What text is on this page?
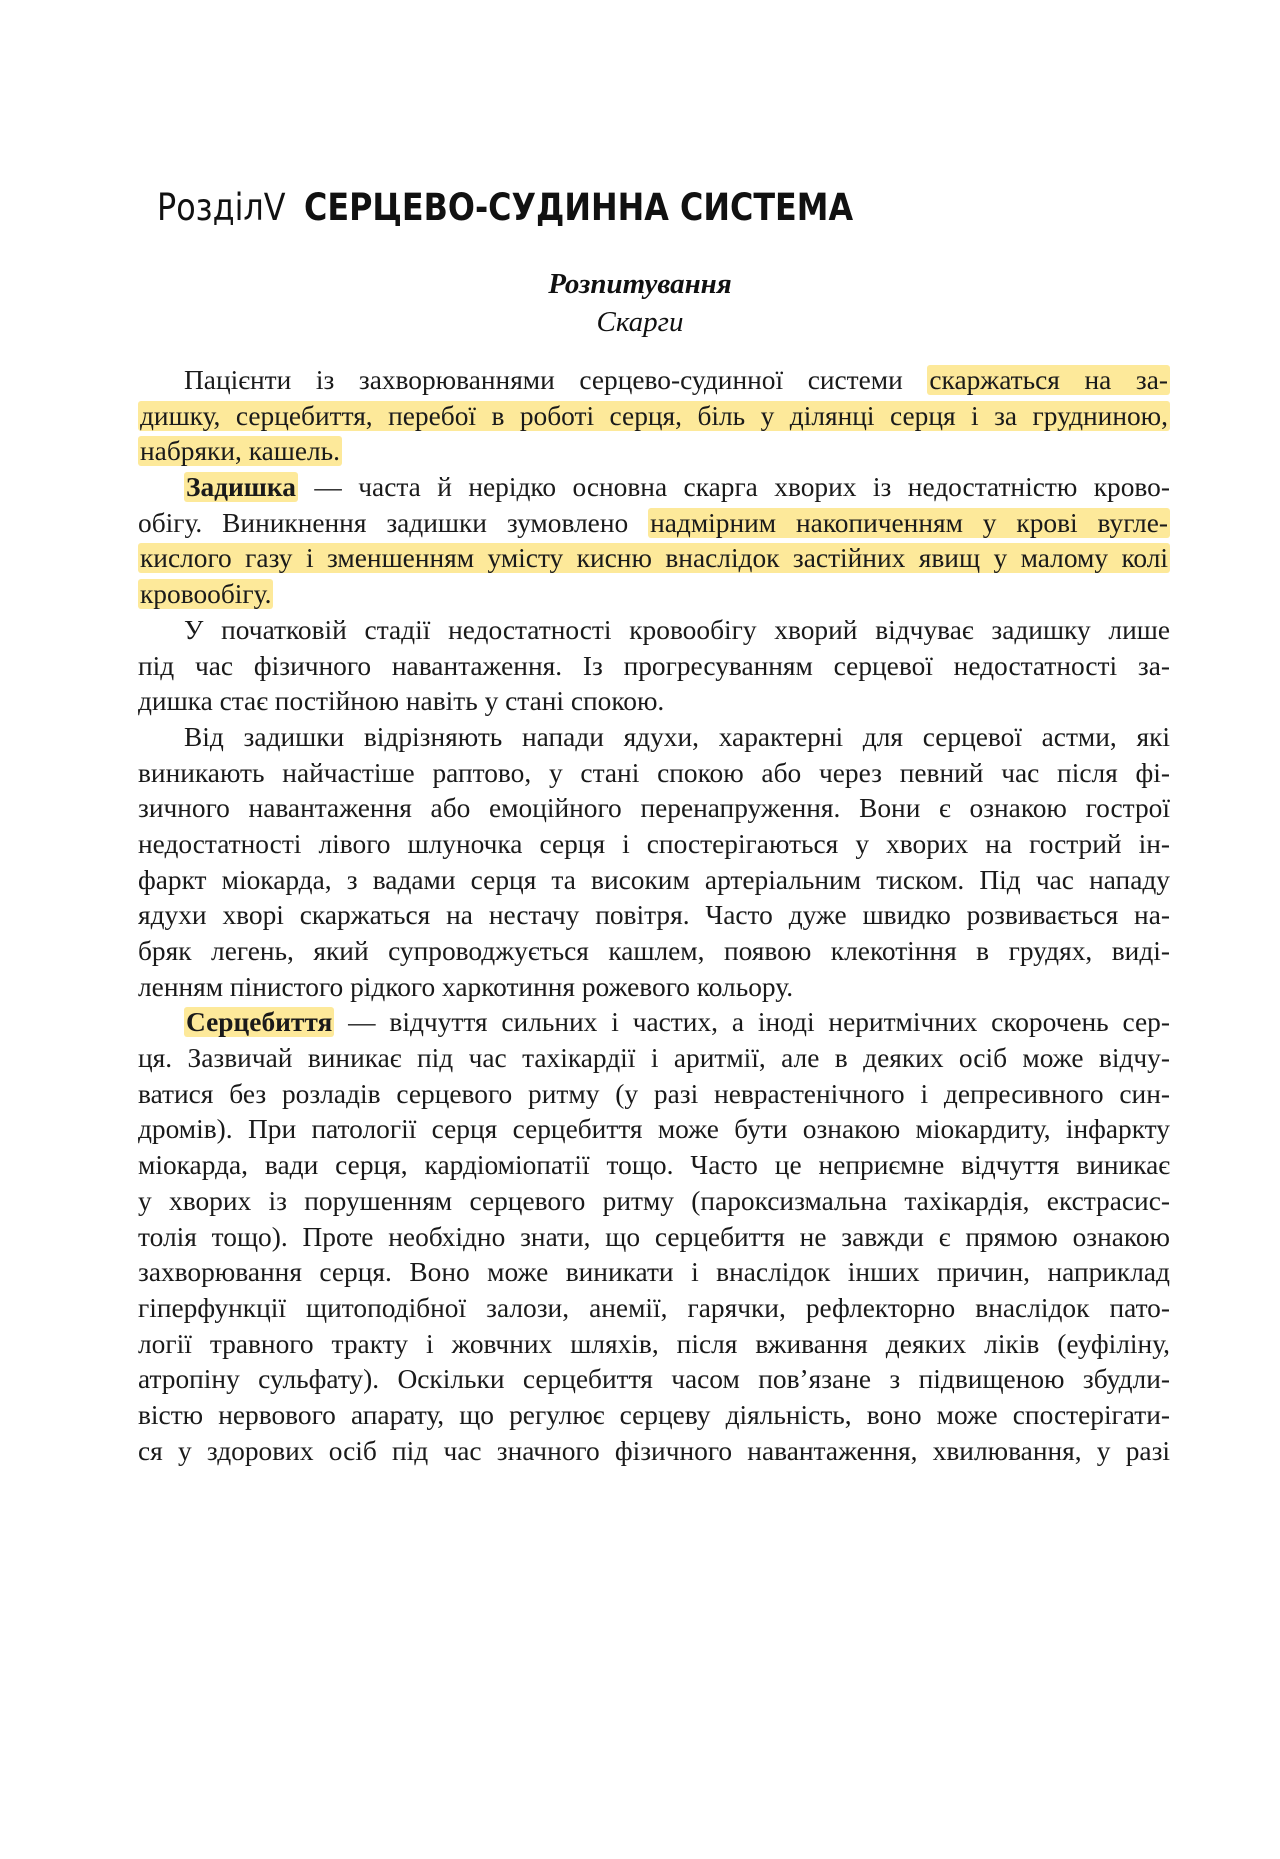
РозділV СЕРЦЕВО-СУДИННА СИСТЕМА
Розпитування
Скарги
Пацієнти із захворюваннями серцево-судинної системи скаржаться на за-
дишку, серцебиття, перебої в роботі серця, біль у ділянці серця і за грудниною,
набряки, кашель.
Задишка — часта й нерідко основна скарга хворих із недостатністю крово-
обігу. Виникнення задишки зумовлено надмірним накопиченням у крові вугле-
кислого газу і зменшенням умісту кисню внаслідок застійних явищ у малому колі
кровообігу.
У початковій стадії недостатності кровообігу хворий відчуває задишку лише
під час фізичного навантаження. Із прогресуванням серцевої недостатності за-
дишка стає постійною навіть у стані спокою.
Від задишки відрізняють напади ядухи, характерні для серцевої астми, які
виникають найчастіше раптово, у стані спокою або через певний час після фі-
зичного навантаження або емоційного перенапруження. Вони є ознакою гострої
недостатності лівого шлуночка серця і спостерігаються у хворих на гострий ін-
фаркт міокарда, з вадами серця та високим артеріальним тиском. Під час нападу
ядухи хворі скаржаться на нестачу повітря. Часто дуже швидко розвивається на-
бряк легень, який супроводжується кашлем, появою клекотіння в грудях, виді-
ленням пінистого рідкого харкотиння рожевого кольору.
Серцебиття — відчуття сильних і частих, а іноді неритмічних скорочень сер-
ця. Зазвичай виникає під час тахікардії і аритмії, але в деяких осіб може відчу-
ватися без розладів серцевого ритму (у разі неврастенічного і депресивного син-
дромів). При патології серця серцебиття може бути ознакою міокардиту, інфаркту
міокарда, вади серця, кардіоміопатії тощо. Часто це неприємне відчуття виникає
у хворих із порушенням серцевого ритму (пароксизмальна тахікардія, екстрасис-
толія тощо). Проте необхідно знати, що серцебиття не завжди є прямою ознакою
захворювання серця. Воно може виникати і внаслідок інших причин, наприклад
гіперфункції щитоподібної залози, анемії, гарячки, рефлекторно внаслідок пато-
логії травного тракту і жовчних шляхів, після вживання деяких ліків (еуфіліну,
атропіну сульфату). Оскільки серцебиття часом пов’язане з підвищеною збудли-
вістю нервового апарату, що регулює серцеву діяльність, воно може спостерігати-
ся у здорових осіб під час значного фізичного навантаження, хвилювання, у разі
